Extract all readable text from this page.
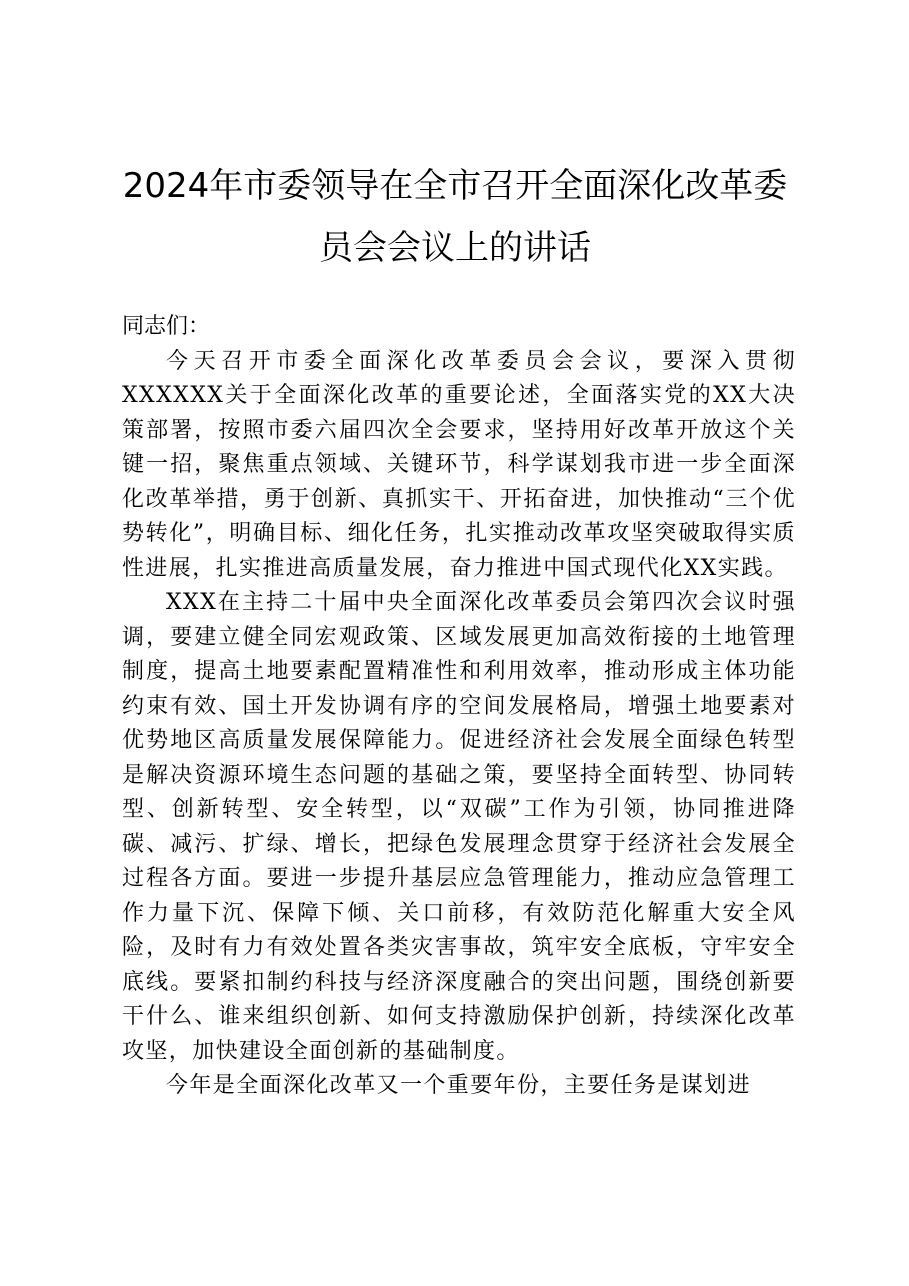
2024年市委领导在全市召开全面深化改革委员会会议上的讲话

同志们：

今天召开市委全面深化改革委员会会议，要深入贯彻XXXXXX关于全面深化改革的重要论述，全面落实党的XX大决策部署，按照市委六届四次全会要求，坚持用好改革开放这个关键一招，聚焦重点领域、关键环节，科学谋划我市进一步全面深化改革举措，勇于创新、真抓实干、开拓奋进，加快推动“三个优势转化”，明确目标、细化任务，扎实推动改革攻坚突破取得实质性进展，扎实推进高质量发展，奋力推进中国式现代化XX实践。

XXX在主持二十届中央全面深化改革委员会第四次会议时强调，要建立健全同宏观政策、区域发展更加高效衔接的土地管理制度，提高土地要素配置精准性和利用效率，推动形成主体功能约束有效、国土开发协调有序的空间发展格局，增强土地要素对优势地区高质量发展保障能力。促进经济社会发展全面绿色转型是解决资源环境生态问题的基础之策，要坚持全面转型、协同转型、创新转型、安全转型，以“双碳”工作为引领，协同推进降碳、减污、扩绿、增长，把绿色发展理念贯穿于经济社会发展全过程各方面。要进一步提升基层应急管理能力，推动应急管理工作力量下沉、保障下倾、关口前移，有效防范化解重大安全风险，及时有力有效处置各类灾害事故，筑牢安全底板，守牢安全底线。要紧扣制约科技与经济深度融合的突出问题，围绕创新要干什么、谁来组织创新、如何支持激励保护创新，持续深化改革攻坚，加快建设全面创新的基础制度。

今年是全面深化改革又一个重要年份，主要任务是谋划进
